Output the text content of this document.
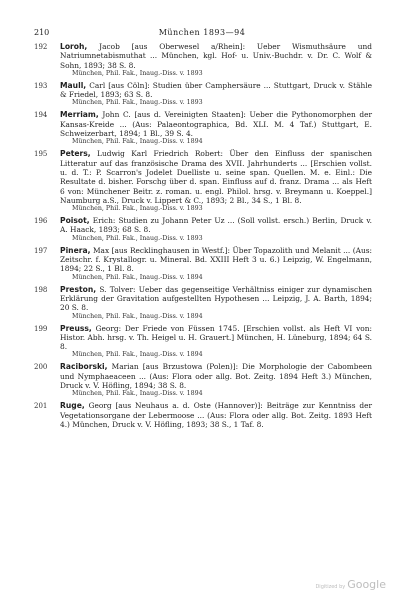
210	München 1893—94
192 Loroh, Jacob [aus Oberwesel a/Rhein]: Ueber Wismuthsäure und Natriumnetabismuthat ... München, kgl. Hof- u. Univ.-Buchdr. v. Dr. C. Wolf & Sohn, 1893; 38 S. 8.
München, Phil. Fak., Inaug.-Diss. v. 1893
193 Maull, Carl [aus Cöln]: Studien über Camphersäure ... Stuttgart, Druck v. Stähle & Friedel, 1893; 63 S. 8.
München, Phil. Fak., Inaug.-Diss. v. 1893
194 Merriam, John C. [aus d. Vereinigten Staaten]: Ueber die Pythonomorphen der Kansas-Kreide ... (Aus: Palaeontographica, Bd. XLI. M. 4 Taf.) Stuttgart, E. Schweizerbart, 1894; 1 Bl., 39 S. 4.
München, Phil. Fak., Inaug.-Diss. v. 1894
195 Peters, Ludwig Karl Friedrich Robert: Über den Einfluss der spanischen Litteratur auf das französische Drama des XVII. Jahrhunderts ... [Erschien vollst. u. d. T.: P. Scarron's Jodelet Duelliste u. seine span. Quellen. M. e. Einl.: Die Resultate d. bisher. Forschg über d. span. Einfluss auf d. franz. Drama ... als Heft 6 von: Münchener Beitr. z. roman. u. engl. Philol. hrsg. v. Breymann u. Koeppel.] Naumburg a.S., Druck v. Lippert & C., 1893; 2 Bl., 34 S., 1 Bl. 8.
München, Phil. Fak., Inaug.-Diss. v. 1893
196 Poisot, Erich: Studien zu Johann Peter Uz ... (Soll vollst. ersch.) Berlin, Druck v. A. Haack, 1893; 68 S. 8.
München, Phil. Fak., Inaug.-Diss. v. 1893
197 Pinera, Max [aus Recklinghausen in Westf.]: Über Topazolith und Melanit ... (Aus: Zeitschr. f. Krystallogr. u. Mineral. Bd. XXIII Heft 3 u. 6.) Leipzig, W. Engelmann, 1894; 22 S., 1 Bl. 8.
München, Phil. Fak., Inaug.-Diss. v. 1894
198 Preston, S. Tolver: Ueber das gegenseitige Verhältniss einiger zur dynamischen Erklärung der Gravitation aufgestellten Hypothesen ... Leipzig, J. A. Barth, 1894; 20 S. 8.
München, Phil. Fak., Inaug.-Diss. v. 1894
199 Preuss, Georg: Der Friede von Füssen 1745. [Erschien vollst. als Heft VI von: Histor. Abh. hrsg. v. Th. Heigel u. H. Grauert.] München, H. Lüneburg, 1894; 64 S. 8.
München, Phil. Fak., Inaug.-Diss. v. 1894
200 Raciborski, Marian [aus Brzustowa (Polen)]: Die Morphologie der Cabombeen und Nymphaeaceen ... (Aus: Flora oder allg. Bot. Zeitg. 1894 Heft 3.) München, Druck v. V. Höfling, 1894; 38 S. 8.
München, Phil. Fak., Inaug.-Diss. v. 1894
201 Ruge, Georg [aus Neuhaus a. d. Oste (Hannover)]: Beiträge zur Kenntniss der Vegetationsorgane der Lebermoose ... (Aus: Flora oder allg. Bot. Zeitg. 1893 Heft 4.) München, Druck v. V. Höfling, 1893; 38 S., 1 Taf. 8.
Digitized by Google
